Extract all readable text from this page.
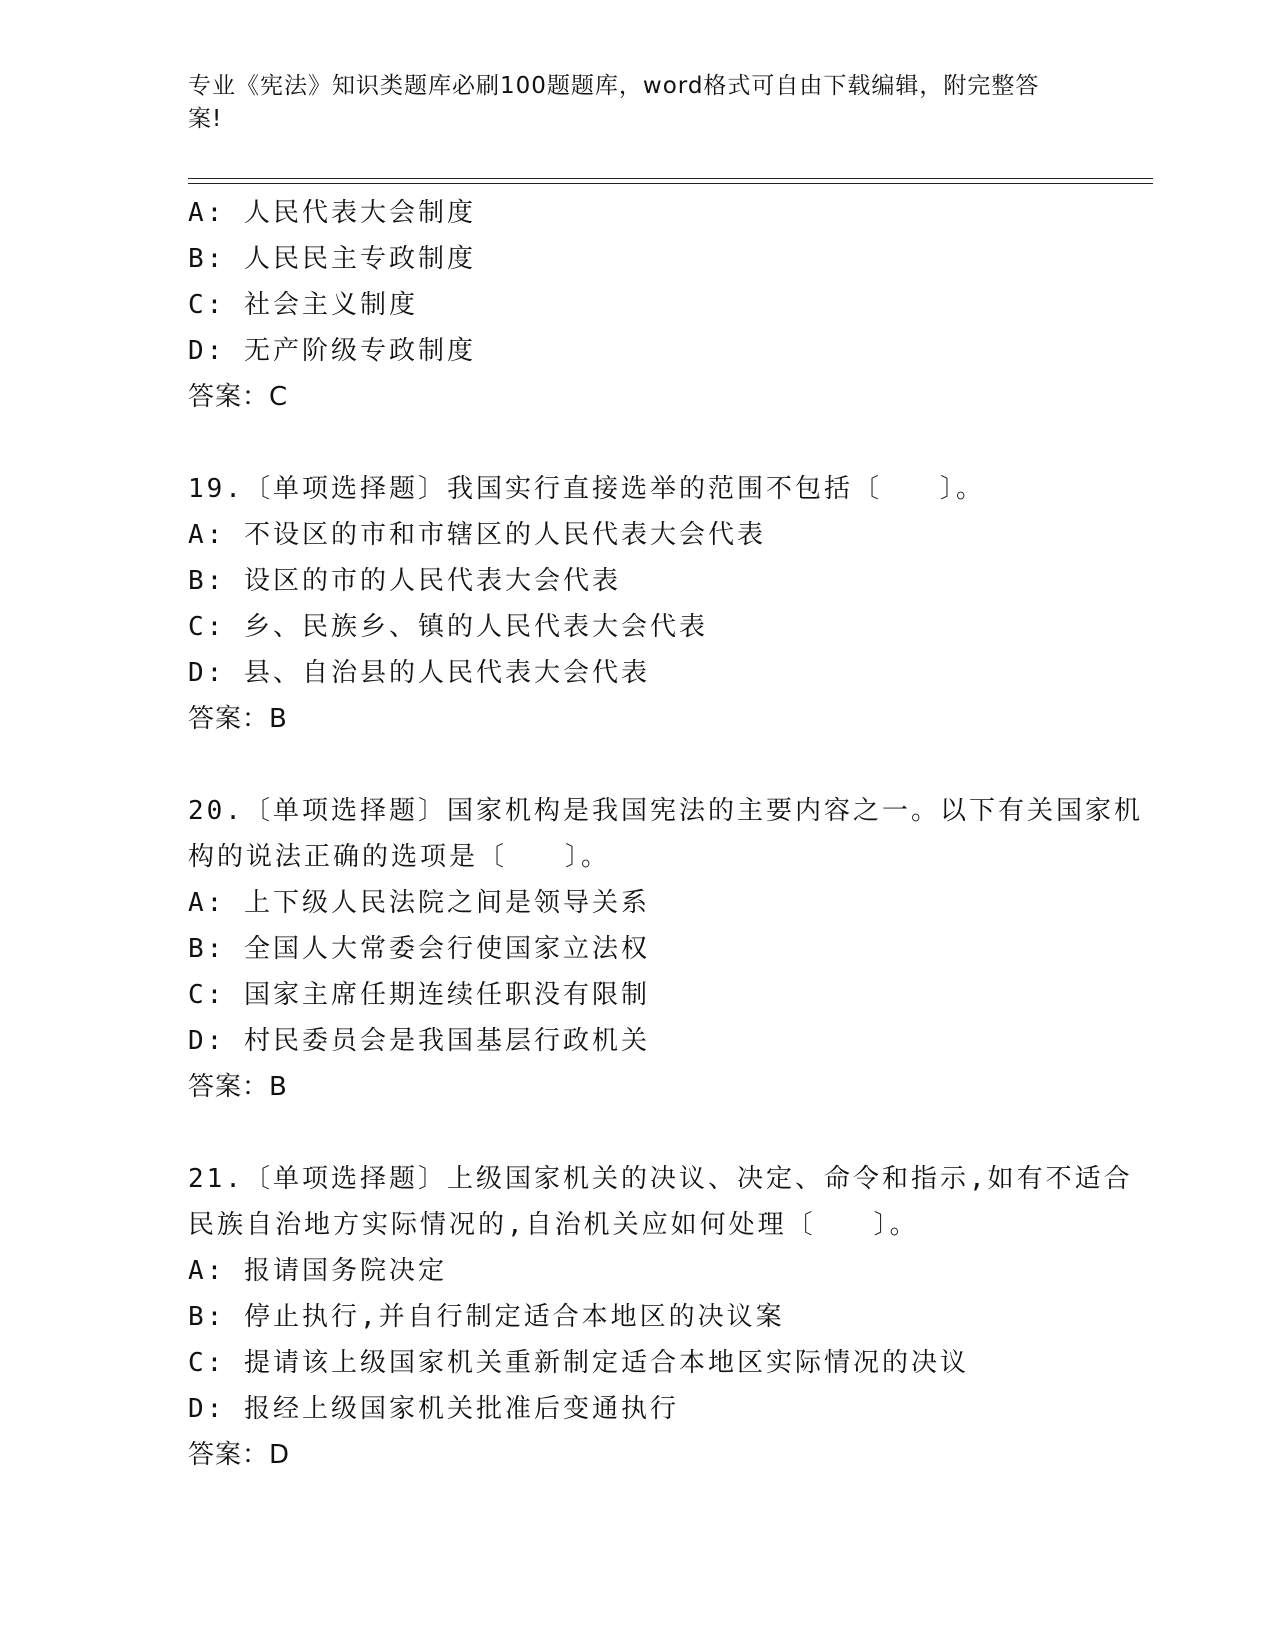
专业《宪法》知识类题库必刷100题题库，word格式可自由下载编辑，附完整答
案!
A: 人民代表大会制度
B: 人民民主专政制度
C: 社会主义制度
D: 无产阶级专政制度
答案：C
19.〔单项选择题〕我国实行直接选举的范围不包括〔　　〕。
A: 不设区的市和市辖区的人民代表大会代表
B: 设区的市的人民代表大会代表
C: 乡、民族乡、镇的人民代表大会代表
D: 县、自治县的人民代表大会代表
答案：B
20.〔单项选择题〕国家机构是我国宪法的主要内容之一。以下有关国家机构的说法正确的选项是〔　　〕。
A: 上下级人民法院之间是领导关系
B: 全国人大常委会行使国家立法权
C: 国家主席任期连续任职没有限制
D: 村民委员会是我国基层行政机关
答案：B
21.〔单项选择题〕上级国家机关的决议、决定、命令和指示,如有不适合民族自治地方实际情况的,自治机关应如何处理〔　　〕。
A: 报请国务院决定
B: 停止执行,并自行制定适合本地区的决议案
C: 提请该上级国家机关重新制定适合本地区实际情况的决议
D: 报经上级国家机关批准后变通执行
答案：D
